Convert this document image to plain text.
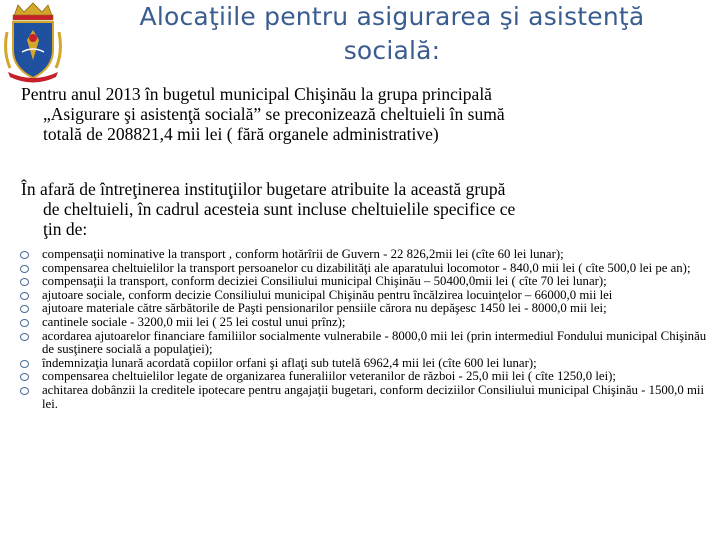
Alocaţiile pentru asigurarea şi asistenţă
socială:
Pentru anul 2013 în bugetul municipal Chişinău la grupa principală
„Asigurare şi asistenţă socială” se preconizează cheltuieli în sumă
totală de 208821,4 mii lei ( fără organele administrative)
În afară de întreţinerea instituţiilor bugetare atribuite la această grupă
de cheltuieli, în cadrul acesteia sunt incluse cheltuielile specifice ce
ţin de:
compensaţii nominative la transport , conform hotărîrii de Guvern - 22 826,2mii lei (cîte 60 lei lunar);
compensarea cheltuielilor la transport persoanelor cu dizabilităţi ale aparatului locomotor - 840,0 mii lei ( cîte 500,0 lei pe an);
compensaţii la transport, conform deciziei Consiliului municipal Chişinău – 50400,0mii lei ( cîte 70 lei lunar);
ajutoare sociale, conform decizie Consiliului municipal Chişinău pentru încălzirea locuinţelor – 66000,0 mii lei
ajutoare materiale către sărbătorile de Paşti pensionarilor pensiile cărora nu depăşesc 1450 lei - 8000,0 mii lei;
cantinele sociale - 3200,0 mii lei ( 25 lei costul unui prînz);
acordarea ajutoarelor financiare familiilor socialmente vulnerabile - 8000,0 mii lei (prin intermediul Fondului municipal Chişinău de susţinere socială a populaţiei);
îndemnizaţia lunară acordată copiilor orfani şi aflaţi sub tutelă 6962,4 mii lei (cîte 600 lei lunar);
compensarea cheltuielilor legate de organizarea funeraliilor veteranilor de război - 25,0 mii lei ( cîte 1250,0 lei);
achitarea dobânzii la creditele ipotecare pentru angajaţii bugetari, conform deciziilor Consiliului municipal Chişinău - 1500,0 mii lei.
